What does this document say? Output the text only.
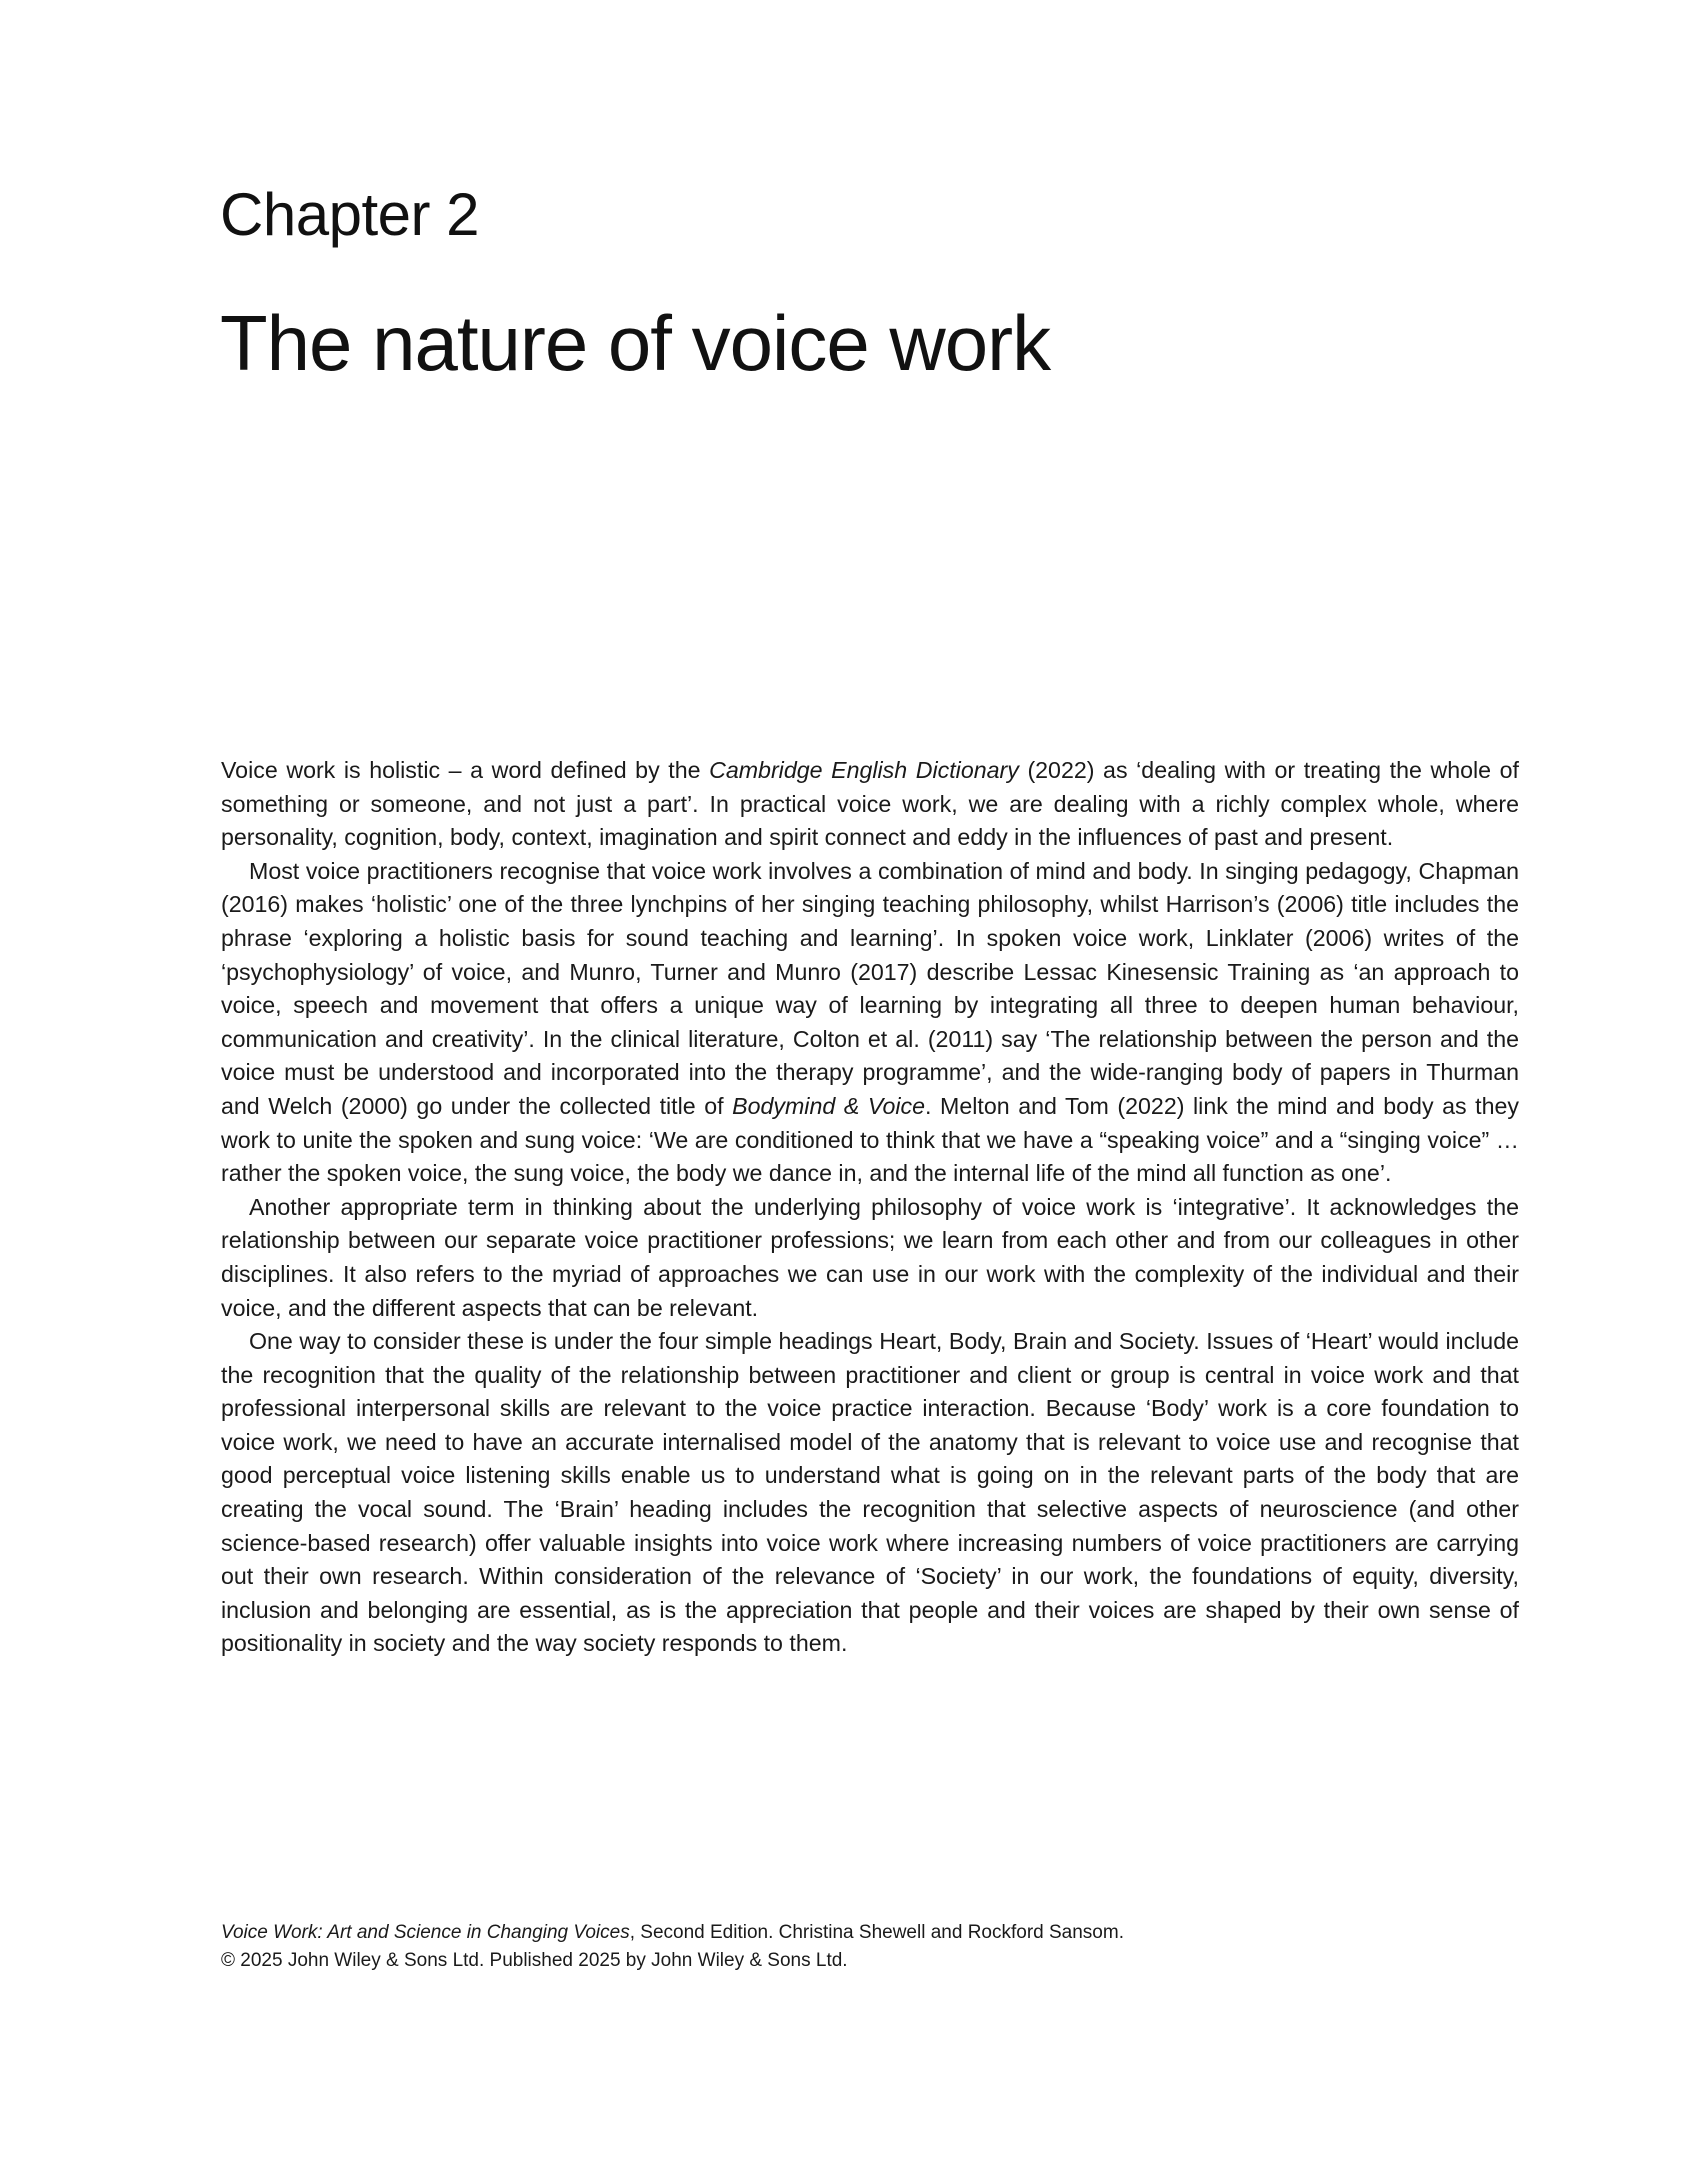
Chapter 2
The nature of voice work

Voice work is holistic – a word defined by the Cambridge English Dictionary (2022) as ‘dealing with or treating the whole of something or someone, and not just a part’. In practical voice work, we are dealing with a richly complex whole, where personality, cognition, body, context, imagination and spirit connect and eddy in the influences of past and present.

Most voice practitioners recognise that voice work involves a combination of mind and body. In singing pedagogy, Chapman (2016) makes ‘holistic’ one of the three lynchpins of her singing teaching philosophy, whilst Harrison’s (2006) title includes the phrase ‘exploring a holistic basis for sound teaching and learning’. In spoken voice work, Linklater (2006) writes of the ‘psychophysiology’ of voice, and Munro, Turner and Munro (2017) describe Lessac Kinesensic Training as ‘an approach to voice, speech and movement that offers a unique way of learning by integrating all three to deepen human behaviour, communication and creativity’. In the clinical literature, Colton et al. (2011) say ‘The relationship between the person and the voice must be understood and incorporated into the therapy programme’, and the wide-ranging body of papers in Thurman and Welch (2000) go under the collected title of Bodymind & Voice. Melton and Tom (2022) link the mind and body as they work to unite the spoken and sung voice: ‘We are conditioned to think that we have a “speaking voice” and a “singing voice” … rather the spoken voice, the sung voice, the body we dance in, and the internal life of the mind all function as one’.

Another appropriate term in thinking about the underlying philosophy of voice work is ‘integrative’. It acknowledges the relationship between our separate voice practitioner professions; we learn from each other and from our colleagues in other disciplines. It also refers to the myriad of approaches we can use in our work with the complexity of the individual and their voice, and the different aspects that can be relevant.

One way to consider these is under the four simple headings Heart, Body, Brain and Society. Issues of ‘Heart’ would include the recognition that the quality of the relationship between practitioner and client or group is central in voice work and that professional interpersonal skills are relevant to the voice practice interaction. Because ‘Body’ work is a core foundation to voice work, we need to have an accurate internalised model of the anatomy that is relevant to voice use and recognise that good perceptual voice listening skills enable us to understand what is going on in the relevant parts of the body that are creating the vocal sound. The ‘Brain’ heading includes the recognition that selective aspects of neuroscience (and other science-based research) offer valuable insights into voice work where increasing numbers of voice practitioners are carrying out their own research. Within consideration of the relevance of ‘Society’ in our work, the foundations of equity, diversity, inclusion and belonging are essential, as is the appreciation that people and their voices are shaped by their own sense of positionality in society and the way society responds to them.

Voice Work: Art and Science in Changing Voices, Second Edition. Christina Shewell and Rockford Sansom.
© 2025 John Wiley & Sons Ltd. Published 2025 by John Wiley & Sons Ltd.
